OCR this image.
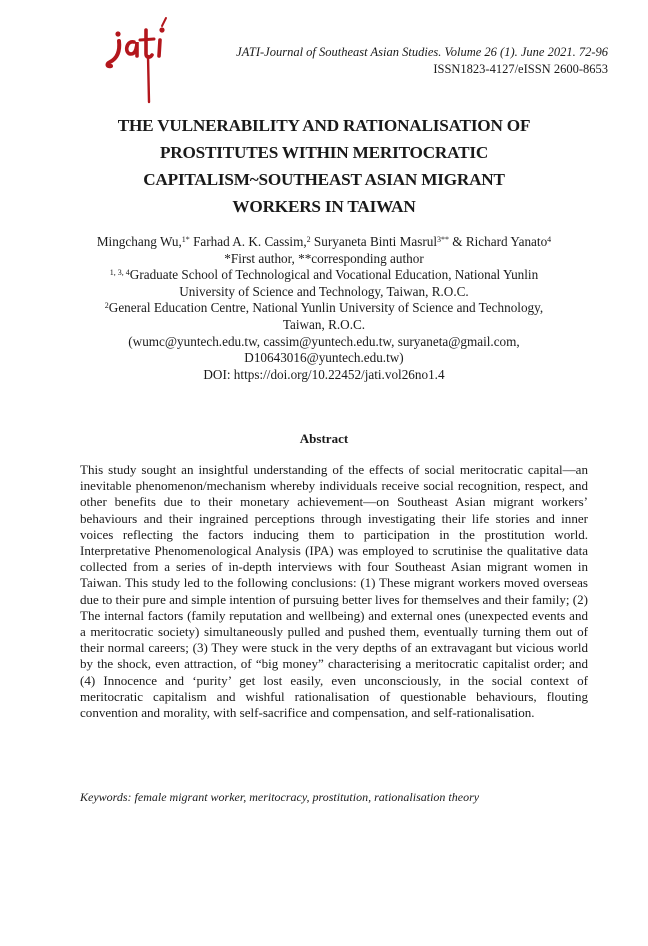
JATI-Journal of Southeast Asian Studies. Volume 26 (1). June 2021. 72-96
ISSN1823-4127/eISSN 2600-8653
THE VULNERABILITY AND RATIONALISATION OF
PROSTITUTES WITHIN MERITOCRATIC
CAPITALISM~SOUTHEAST ASIAN MIGRANT
WORKERS IN TAIWAN
Mingchang Wu,$^{1*}$ Farhad A. K. Cassim,$^2$ Suryaneta Binti Masrul$^{3**}$ & Richard Yanato$^4$
*First author, **corresponding author
$^{1, 3, 4}$Graduate School of Technological and Vocational Education, National Yunlin
University of Science and Technology, Taiwan, R.O.C.
$^2$General Education Centre, National Yunlin University of Science and Technology,
Taiwan, R.O.C.
(wumc@yuntech.edu.tw, cassim@yuntech.edu.tw, suryaneta@gmail.com,
D10643016@yuntech.edu.tw)
DOI: https://doi.org/10.22452/jati.vol26no1.4
Abstract
This study sought an insightful understanding of the effects of social meritocratic capital—an inevitable phenomenon/mechanism whereby individuals receive social recognition, respect, and other benefits due to their monetary achievement—on Southeast Asian migrant workers’ behaviours and their ingrained perceptions through investigating their life stories and inner voices reflecting the factors inducing them to participation in the prostitution world. Interpretative Phenomenological Analysis (IPA) was employed to scrutinise the qualitative data collected from a series of in-depth interviews with four Southeast Asian migrant women in Taiwan. This study led to the following conclusions: (1) These migrant workers moved overseas due to their pure and simple intention of pursuing better lives for themselves and their family; (2) The internal factors (family reputation and wellbeing) and external ones (unexpected events and a meritocratic society) simultaneously pulled and pushed them, eventually turning them out of their normal careers; (3) They were stuck in the very depths of an extravagant but vicious world by the shock, even attraction, of “big money” characterising a meritocratic capitalist order; and (4) Innocence and ‘purity’ get lost easily, even unconsciously, in the social context of meritocratic capitalism and wishful rationalisation of questionable behaviours, flouting convention and morality, with self-sacrifice and compensation, and self-rationalisation.
Keywords: female migrant worker, meritocracy, prostitution, rationalisation theory
